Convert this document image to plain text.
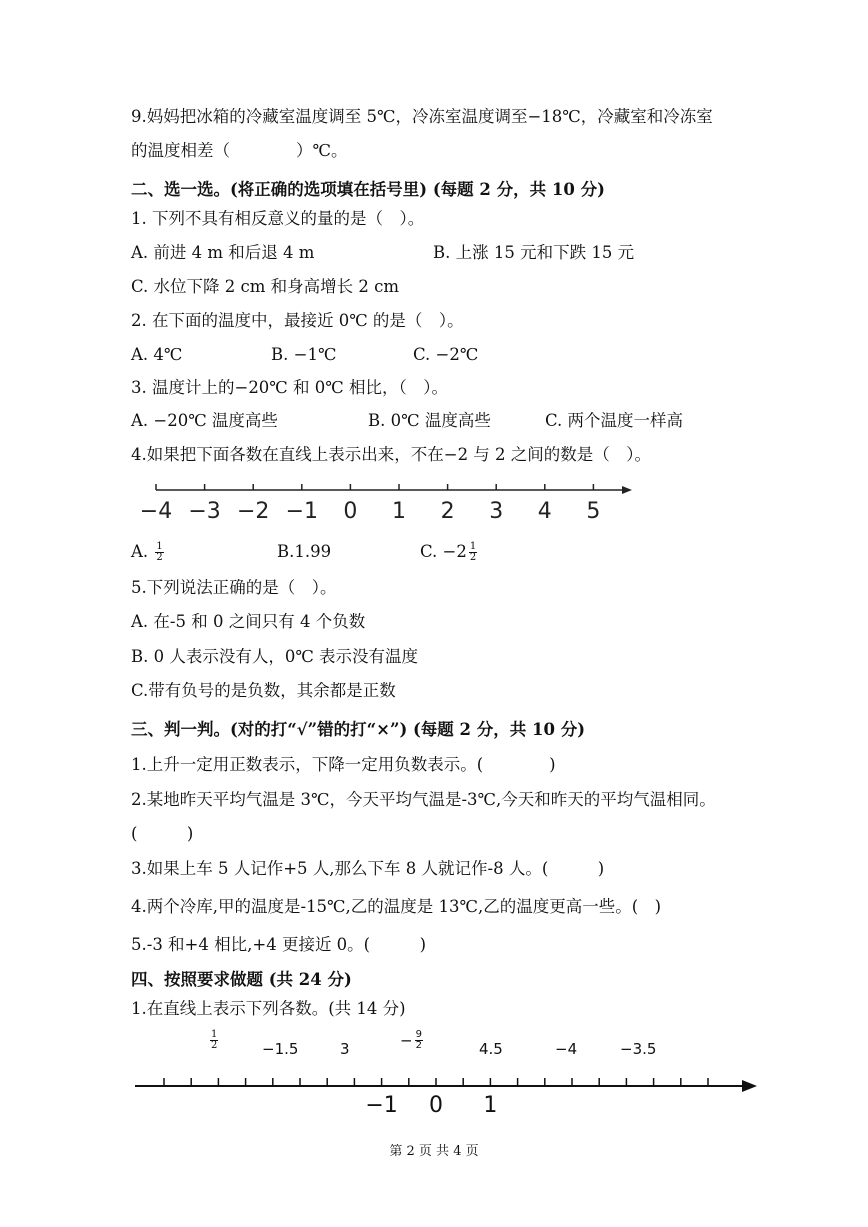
9.妈妈把冰箱的冷藏室温度调至 5℃，冷冻室温度调至−18℃，冷藏室和冷冻室
的温度相差（　　　　）℃。
二、选一选。(将正确的选项填在括号里) (每题 2 分，共 10 分)
1. 下列不具有相反意义的量的是（　）。
A. 前进 4 m 和后退 4 m	B. 上涨 15 元和下跌 15 元
C. 水位下降 2 cm 和身高增长 2 cm
2. 在下面的温度中，最接近 0℃ 的是（　）。
A. 4℃	B. −1℃	C. −2℃
3. 温度计上的−20℃ 和 0℃ 相比，（　）。
A. −20℃ 温度高些	B. 0℃ 温度高些	C. 两个温度一样高
4.如果把下面各数在直线上表示出来，不在−2 与 2 之间的数是（　）。
−4 −3 −2 −1 0 1 2 3 4 5
A. $\frac{1}{2}$	B.1.99	C. $-2 \frac{1}{2}$
5.下列说法正确的是（　）。
A. 在-5 和 0 之间只有 4 个负数
B. 0 人表示没有人，0℃ 表示没有温度
C.带有负号的是负数，其余都是正数
三、判一判。(对的打“√”错的打“×”) (每题 2 分，共 10 分)
1.上升一定用正数表示，下降一定用负数表示。(　　　　)
2.某地昨天平均气温是 3℃，今天平均气温是-3℃,今天和昨天的平均气温相同。
(　　　)
3.如果上车 5 人记作+5 人,那么下车 8 人就记作-8 人。(　　　)
4.两个冷库,甲的温度是-15℃,乙的温度是 13℃,乙的温度更高一些。(　)
5.-3 和+4 相比,+4 更接近 0。(　　　)
四、按照要求做题 (共 24 分)
1.在直线上表示下列各数。(共 14 分)
$\frac{1}{2}$	−1.5	3	− $\frac{9}{2}$	4.5	−4	−3.5
−1 0 1
第 2 页 共 4 页
